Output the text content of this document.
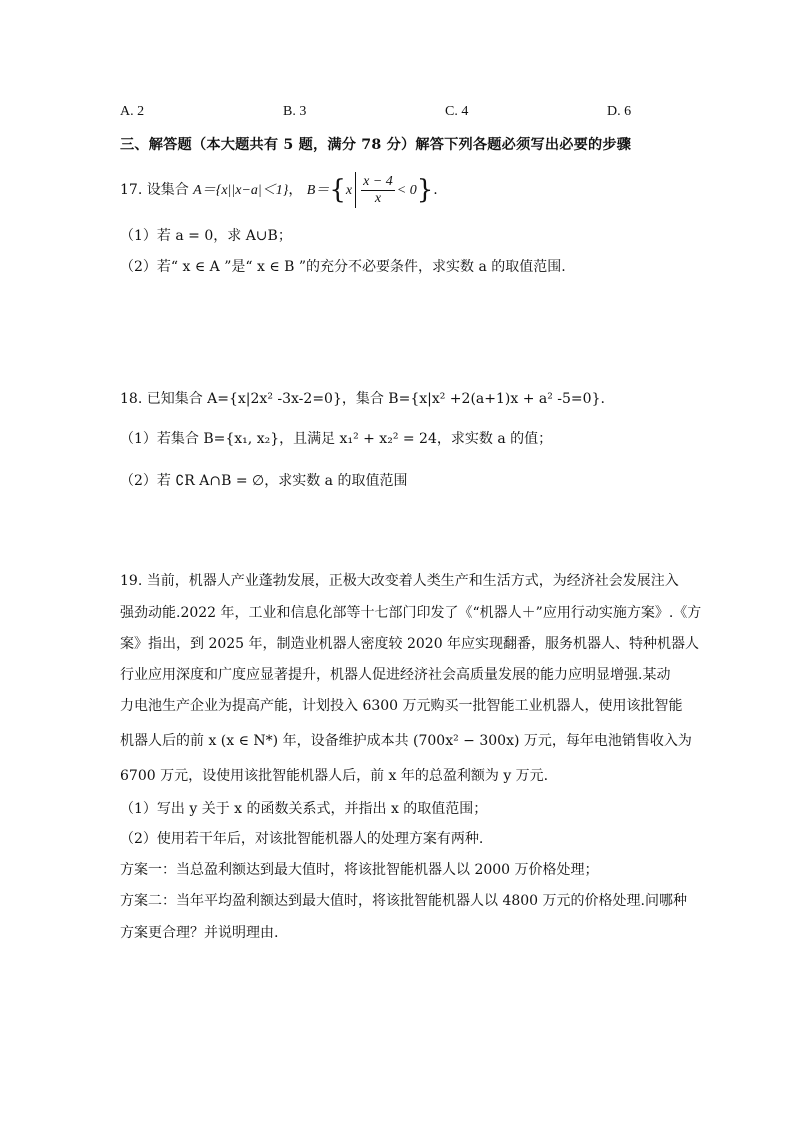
A. 2	B. 3	C. 4	D. 6
三、解答题（本大题共有 5 题，满分 78 分）解答下列各题必须写出必要的步骤
17. 设集合 A＝{x||x−a|＜1}， $B=\{x \frac{x - 4}{x} < 0\}$.
（1）若 a = 0，求 A∪B；
（2）若“ x ∈ A ”是“ x ∈ B ”的充分不必要条件，求实数 a 的取值范围.
18. 已知集合 A={x|2x² -3x-2=0}，集合 B={x|x² +2(a+1)x + a² -5=0}.
（1）若集合 B={x₁, x₂}，且满足 x₁² + x₂² = 24，求实数 a 的值；
（2）若 ∁R A∩B = ∅，求实数 a 的取值范围
19. 当前，机器人产业蓬勃发展，正极大改变着人类生产和生活方式，为经济社会发展注入
强劲动能.2022 年，工业和信息化部等十七部门印发了《“机器人＋”应用行动实施方案》.《方
案》指出，到 2025 年，制造业机器人密度较 2020 年应实现翻番，服务机器人、特种机器人
行业应用深度和广度应显著提升，机器人促进经济社会高质量发展的能力应明显增强.某动
力电池生产企业为提高产能，计划投入 6300 万元购买一批智能工业机器人，使用该批智能
机器人后的前 x (x ∈ N*) 年，设备维护成本共 (700x² − 300x) 万元，每年电池销售收入为
6700 万元，设使用该批智能机器人后，前 x 年的总盈利额为 y 万元.
（1）写出 y 关于 x 的函数关系式，并指出 x 的取值范围；
（2）使用若干年后，对该批智能机器人的处理方案有两种.
方案一：当总盈利额达到最大值时，将该批智能机器人以 2000 万价格处理；
方案二：当年平均盈利额达到最大值时，将该批智能机器人以 4800 万元的价格处理.问哪种
方案更合理？并说明理由.
